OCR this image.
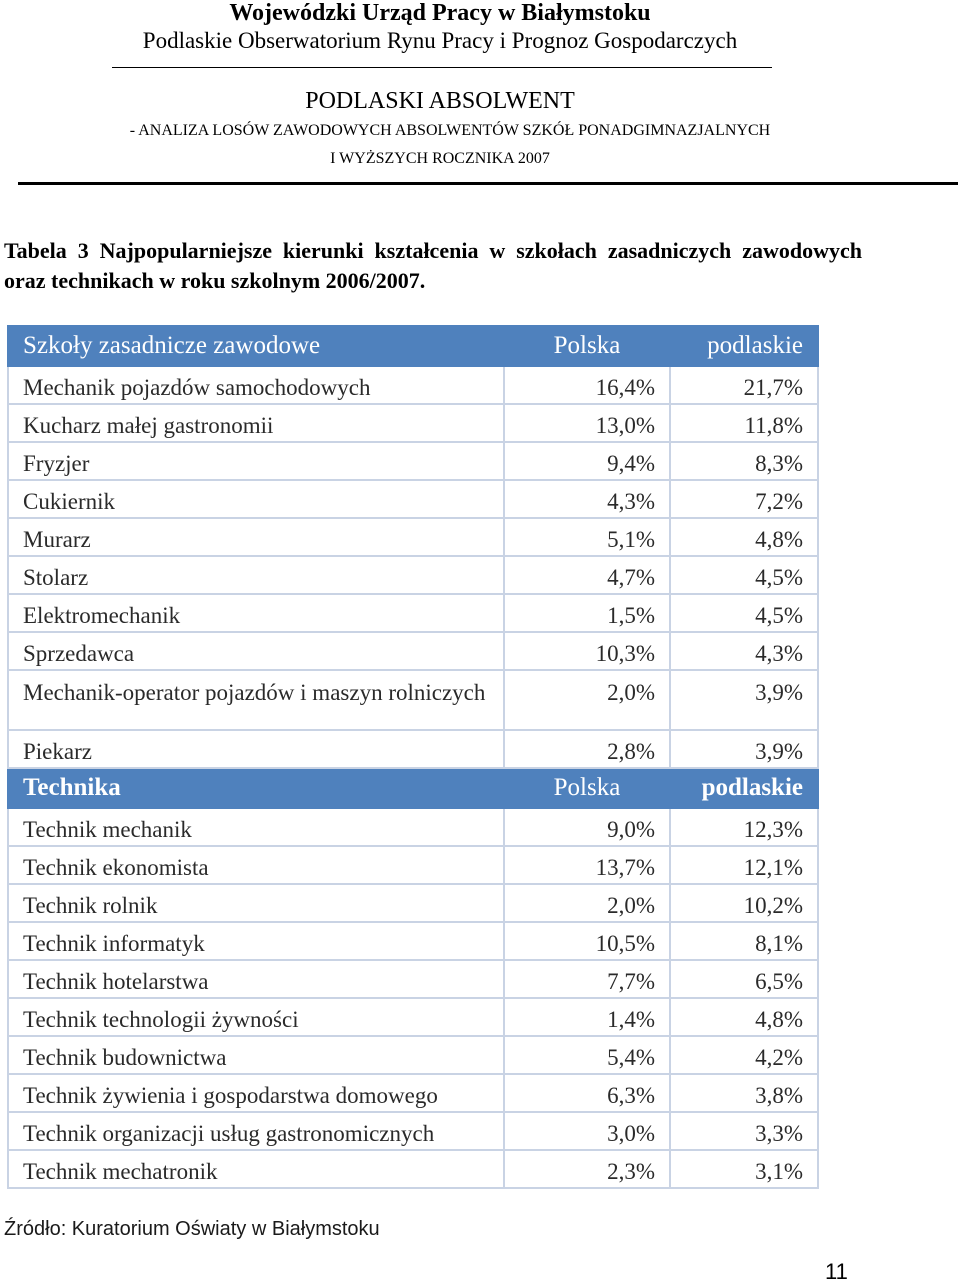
Wojewódzki Urząd Pracy w Białymstoku
Podlaskie Obserwatorium Rynu Pracy i Prognoz Gospodarczych
PODLASKI ABSOLWENT
- ANALIZA LOSÓW ZAWODOWYCH ABSOLWENTÓW SZKÓŁ PONADGIMNAZJALNYCH
I WYŻSZYCH ROCZNIKA 2007
Tabela 3 Najpopularniejsze kierunki kształcenia w szkołach zasadniczych zawodowych oraz technikach w roku szkolnym 2006/2007.
Szkoły zasadnicze zawodowe	Polska	podlaskie
Mechanik pojazdów samochodowych	16,4%	21,7%
Kucharz małej gastronomii	13,0%	11,8%
Fryzjer	9,4%	8,3%
Cukiernik	4,3%	7,2%
Murarz	5,1%	4,8%
Stolarz	4,7%	4,5%
Elektromechanik	1,5%	4,5%
Sprzedawca	10,3%	4,3%
Mechanik-operator pojazdów i maszyn rolniczych	2,0%	3,9%
Piekarz	2,8%	3,9%
Technika	Polska	podlaskie
Technik mechanik	9,0%	12,3%
Technik ekonomista	13,7%	12,1%
Technik rolnik	2,0%	10,2%
Technik informatyk	10,5%	8,1%
Technik hotelarstwa	7,7%	6,5%
Technik technologii żywności	1,4%	4,8%
Technik budownictwa	5,4%	4,2%
Technik żywienia i gospodarstwa domowego	6,3%	3,8%
Technik organizacji usług gastronomicznych	3,0%	3,3%
Technik mechatronik	2,3%	3,1%
Źródło: Kuratorium Oświaty w Białymstoku
11
